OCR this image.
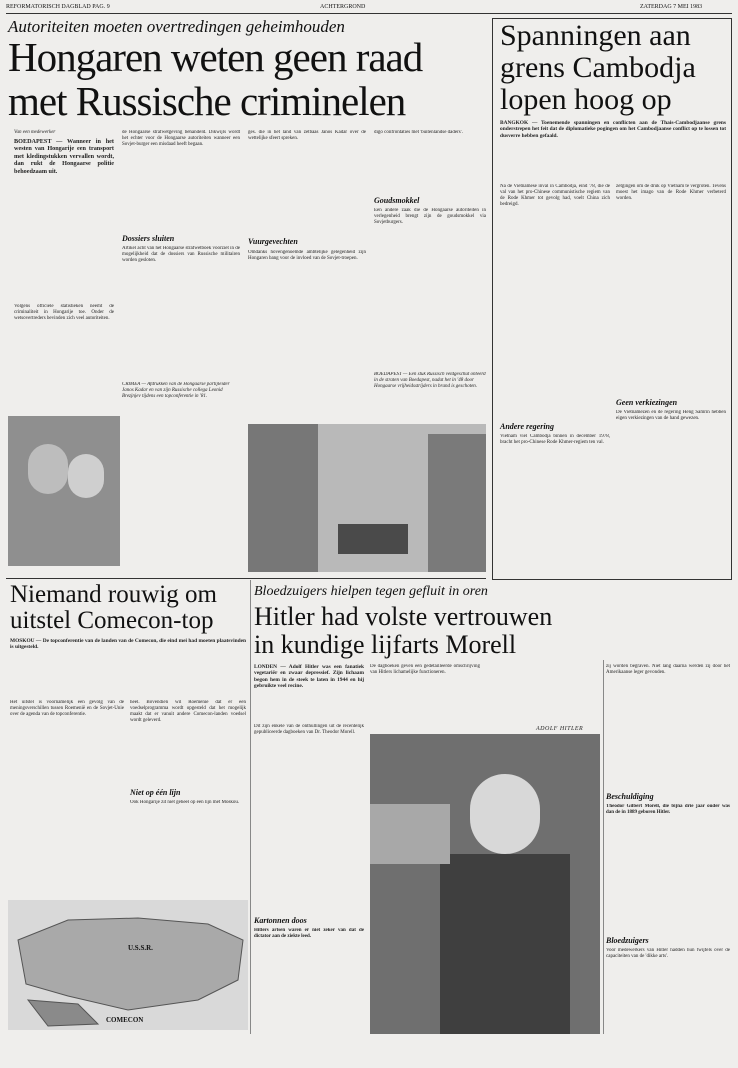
REFORMATORISCH DAGBLAD PAG. 9	ACHTERGROND	ZATERDAG 7 MEI 1983
Autoriteiten moeten overtredingen geheimhouden
Hongaren weten geen raad
met Russische criminelen
Van een medewerker
BOEDAPEST — Wanneer in het westen van Hongarije een transport met kledingstukken vervallen wordt, dan rukt de Hongaarse politie behoedzaam uit.
Volgens officiële statistieken neemt de criminaliteit in Hongarije toe. Onder de wetsovertreders bevinden zich veel autoriteiten.
de Hongaarse strafwetgeving behandeld. Dikwijls wordt het echter voor de Hongaarse autoriteiten wanneer een Sovjet-burger een misdaad heeft begaan.
Dossiers sluiten
Artikel acht van het Hongaarse strafwetboek voorziet in de mogelijkheid dat de dossiers van Russische militairen worden gesloten.
CRIMEA — Afdrukken van de Hongaarse partijleider Janos Kadar en van zijn Russische collega Leonid Brezjnjev tijdens een topconferentie in '81.
ges. die in het land van zetbaas Janos Kadar over de wettelijke sfeert spreken.
Vuurgevechten
Omdanks hovengenoemde ambtelijke gelegenheid zijn Hongaren bang voor de invloed van de Sovjet-troepen.
digo confrontaties met 'buitenlandse daders'.
Goudsmokkel
Een andere zaak die de Hongaarse autoriteiten in verlegenheid brengt zijn de goudsmokkel via Sovjetburgers.
BOEDAPEST — Een stuk Russisch veldgeschut onteerd in de straten van Boedapest, nadat het in '48 door Hongaarse vrijheidsstrijders in brand is geschoten.
Spanningen aan
grens Cambodja
lopen hoog op
BANGKOK — Toenemende spanningen en conflicten aan de Thais-Cambodjaanse grens onderstrepen het feit dat de diplomatieke pogingen om het Cambodjaanse conflict op te lossen tot dusverre hebben gefaald.
Na de Vietnamese inval in Cambodja, eind '78, die de val van het pro-Chinese communistische regiem van de Rode Khmer tot gevolg had, voelt China zich bedreigd.
Andere regering
Vietnam viel Cambodja binnen in december 1978, bracht het pro-Chinese Rode Khmer-regiem ten val.
zetgingen om de druk op Vietnam te vergroten. Tevens moest het imago van de Rode Khmer verbeterd worden.
Geen verkiezingen
De Vietnamezen en de regering Heng Samrin hebben eigen verkiezingen van de hand gewezen.
Niemand rouwig om
uitstel Comecon-top
MOSKOU — De topconferentie van de landen van de Comecon, die eind mei had moeten plaatsvinden is uitgesteld.
Het uitstel is voornamelijk een gevolg van de meningsverschillen tussen Roemenië en de Sovjet-Unie over de agenda van de topconferentie.
heel. Bovendien wil Roemenië dat er een voedselprogramma wordt opgesteld dat het mogelijk maakt dat er vanuit andere Comecon-landen voedsel wordt geleverd.
Niet op één lijn
Ook Hongarije zit niet geheel op één lijn met Moskou.
U.S.S.R.
COMECON
Bloedzuigers hielpen tegen gefluit in oren
Hitler had volste vertrouwen
in kundige lijfarts Morell
LONDEN — Adolf Hitler was een fanatiek vegetariër en zwaar depressief. Zijn lichaam begon hem in de steek te laten in 1944 en hij gebruikte veel recine.
Dit zijn enkele van de onthullingen uit de recentelijk gepubliceerde dagboeken van Dr. Theodor Morell.
Kartonnen doos
Hitlers artsen waren er niet zeker van dat de dictator aan de ziekte leed.
De dagboeken geven een gedetailleerde omschrijving van Hitlers lichamelijke functioneren.
ADOLF HITLER
zij worden begraven. Niet lang daarna werden zij door het Amerikaanse leger gevonden.
Beschuldiging
Theodor Gilbert Morell, die bijna drie jaar ouder was dan de in 1889 geboren Hitler.
Bloedzuigers
Voor medewerkers van Hitler hadden hun twijfels over de capaciteiten van de 'dikke arts'.
